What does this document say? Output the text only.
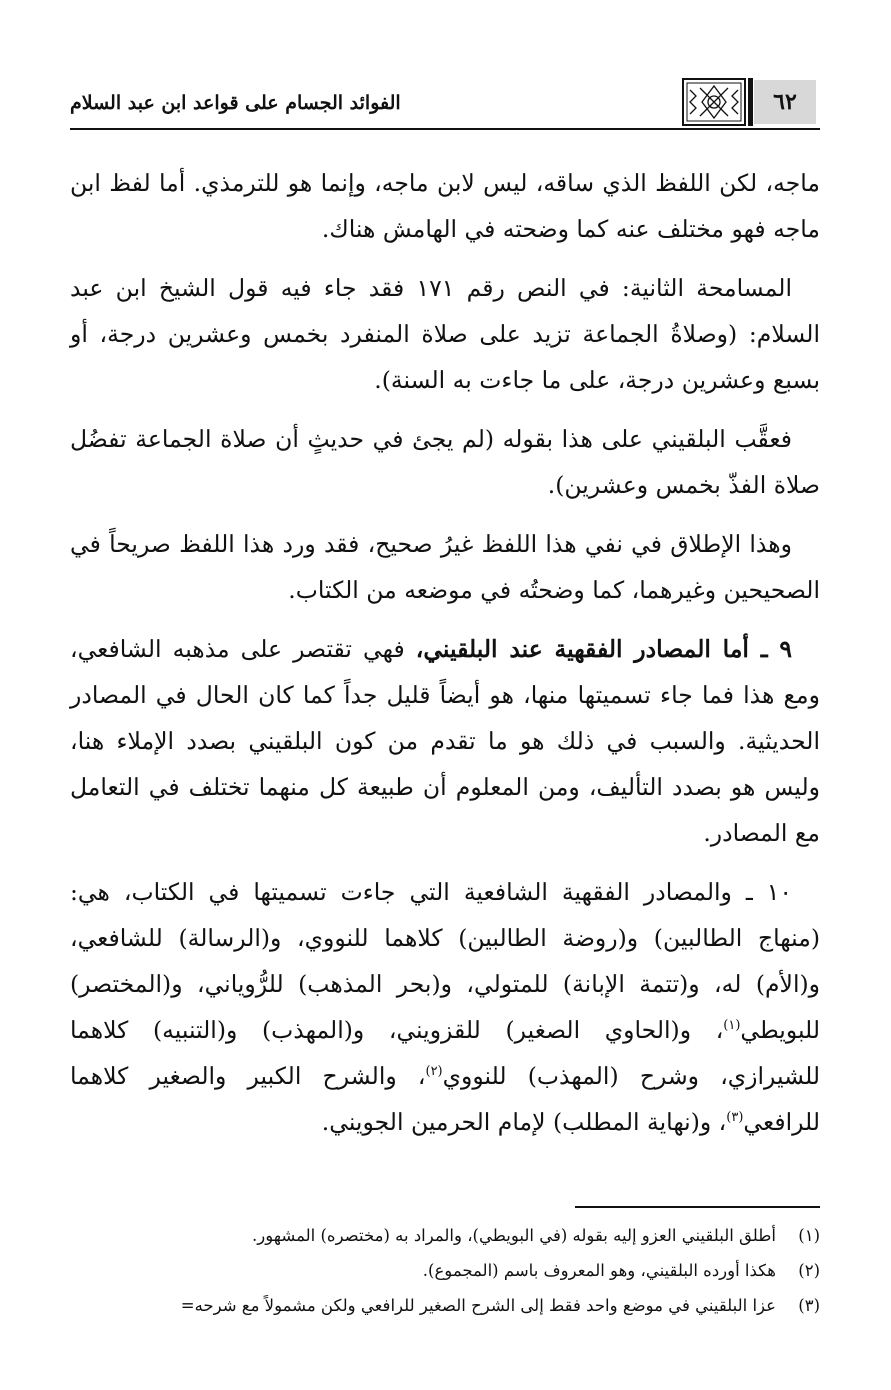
الفوائد الجسام على قواعد ابن عبد السلام	٦٢

ماجه، لكن اللفظ الذي ساقه، ليس لابن ماجه، وإنما هو للترمذي. أما لفظ ابن ماجه فهو مختلف عنه كما وضحته في الهامش هناك.

المسامحة الثانية: في النص رقم ١٧١ فقد جاء فيه قول الشيخ ابن عبد السلام: (وصلاةُ الجماعة تزيد على صلاة المنفرد بخمس وعشرين درجة، أو بسبع وعشرين درجة، على ما جاءت به السنة).

فعقَّب البلقيني على هذا بقوله (لم يجئ في حديثٍ أن صلاة الجماعة تفضُل صلاة الفذّ بخمس وعشرين).

وهذا الإطلاق في نفي هذا اللفظ غيرُ صحيح، فقد ورد هذا اللفظ صريحاً في الصحيحين وغيرهما، كما وضحتُه في موضعه من الكتاب.

٩ ـ أما المصادر الفقهية عند البلقيني، فهي تقتصر على مذهبه الشافعي، ومع هذا فما جاء تسميتها منها، هو أيضاً قليل جداً كما كان الحال في المصادر الحديثية. والسبب في ذلك هو ما تقدم من كون البلقيني بصدد الإملاء هنا، وليس هو بصدد التأليف، ومن المعلوم أن طبيعة كل منهما تختلف في التعامل مع المصادر.

١٠ ـ والمصادر الفقهية الشافعية التي جاءت تسميتها في الكتاب، هي: (منهاج الطالبين) و(روضة الطالبين) كلاهما للنووي، و(الرسالة) للشافعي، و(الأم) له، و(تتمة الإبانة) للمتولي، و(بحر المذهب) للرُّوياني، و(المختصر) للبويطي$^{(١)}$، و(الحاوي الصغير) للقزويني، و(المهذب) و(التنبيه) كلاهما للشيرازي، وشرح (المهذب) للنووي$^{(٢)}$، والشرح الكبير والصغير كلاهما للرافعي$^{(٣)}$، و(نهاية المطلب) لإمام الحرمين الجويني.

(١)
أطلق البلقيني العزو إليه بقوله (في البويطي)، والمراد به (مختصره) المشهور.
(٢)
هكذا أورده البلقيني، وهو المعروف باسم (المجموع).
(٣)
عزا البلقيني في موضع واحد فقط إلى الشرح الصغير للرافعي ولكن مشمولاً مع شرحه=
